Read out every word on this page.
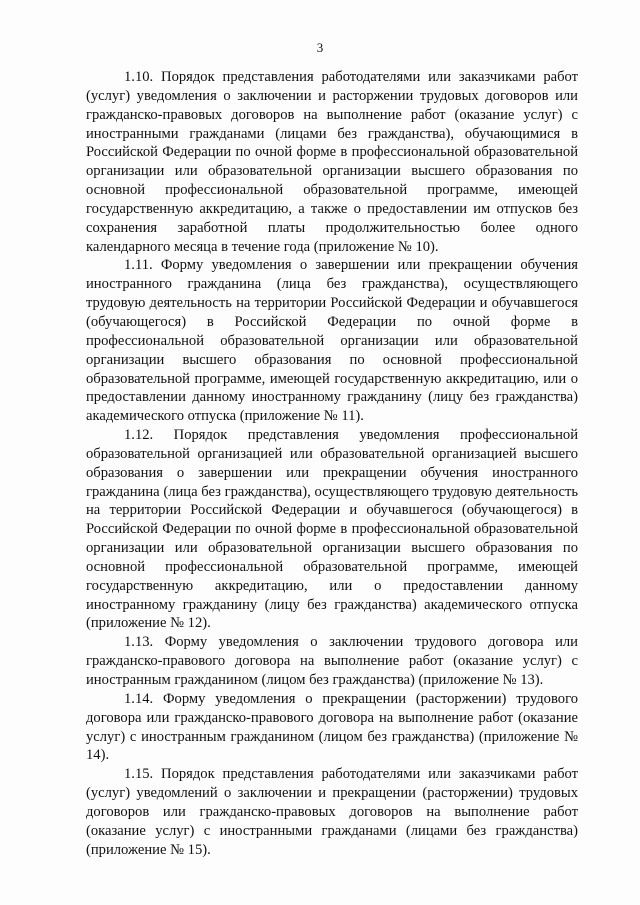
3

1.10. Порядок представления работодателями или заказчиками работ (услуг) уведомления о заключении и расторжении трудовых договоров или гражданско-правовых договоров на выполнение работ (оказание услуг) с иностранными гражданами (лицами без гражданства), обучающимися в Российской Федерации по очной форме в профессиональной образовательной организации или образовательной организации высшего образования по основной профессиональной образовательной программе, имеющей государственную аккредитацию, а также о предоставлении им отпусков без сохранения заработной платы продолжительностью более одного календарного месяца в течение года (приложение № 10).

1.11. Форму уведомления о завершении или прекращении обучения иностранного гражданина (лица без гражданства), осуществляющего трудовую деятельность на территории Российской Федерации и обучавшегося (обучающегося) в Российской Федерации по очной форме в профессиональной образовательной организации или образовательной организации высшего образования по основной профессиональной образовательной программе, имеющей государственную аккредитацию, или о предоставлении данному иностранному гражданину (лицу без гражданства) академического отпуска (приложение № 11).

1.12. Порядок представления уведомления профессиональной образовательной организацией или образовательной организацией высшего образования о завершении или прекращении обучения иностранного гражданина (лица без гражданства), осуществляющего трудовую деятельность на территории Российской Федерации и обучавшегося (обучающегося) в Российской Федерации по очной форме в профессиональной образовательной организации или образовательной организации высшего образования по основной профессиональной образовательной программе, имеющей государственную аккредитацию, или о предоставлении данному иностранному гражданину (лицу без гражданства) академического отпуска (приложение № 12).

1.13. Форму уведомления о заключении трудового договора или гражданско-правового договора на выполнение работ (оказание услуг) с иностранным гражданином (лицом без гражданства) (приложение № 13).

1.14. Форму уведомления о прекращении (расторжении) трудового договора или гражданско-правового договора на выполнение работ (оказание услуг) с иностранным гражданином (лицом без гражданства) (приложение № 14).

1.15. Порядок представления работодателями или заказчиками работ (услуг) уведомлений о заключении и прекращении (расторжении) трудовых договоров или гражданско-правовых договоров на выполнение работ (оказание услуг) с иностранными гражданами (лицами без гражданства) (приложение № 15).
